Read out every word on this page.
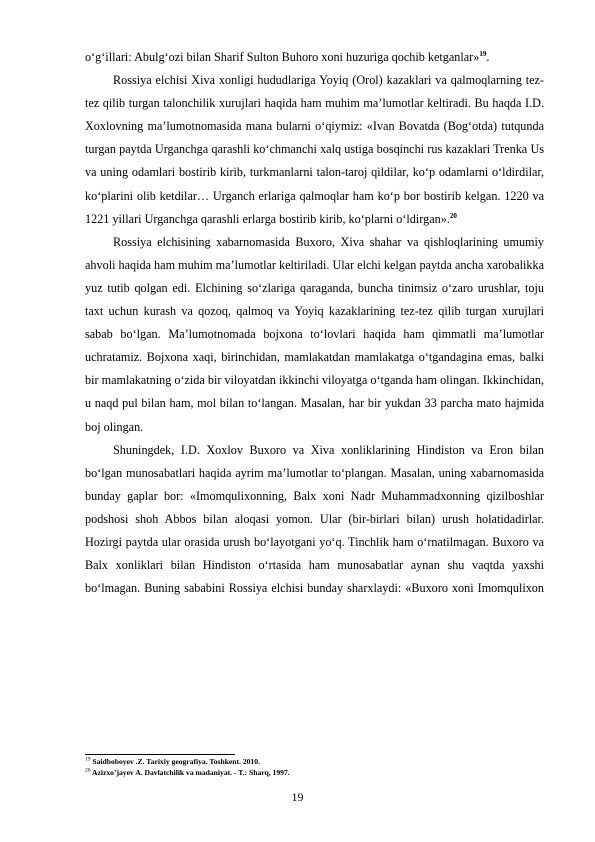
o‘g‘illari: Abulg‘ozi bilan Sharif Sulton Buhoro xoni huzuriga qochib ketganlar»$^{19}$.

Rossiya elchisi Xiva xonligi hududlariga Yoyiq (Orol) kazaklari va qalmoqlarning tez-tez qilib turgan talonchilik xurujlari haqida ham muhim ma’lumotlar keltiradi. Bu haqda I.D. Xoxlovning ma’lumotnomasida mana bularni o‘qiymiz: «Ivan Bovatda (Bog‘otda) tutqunda turgan paytda Urganchga qarashli ko‘chmanchi xalq ustiga bosqinchi rus kazaklari Trenka Us va uning odamlari bostirib kirib, turkmanlarni talon-taroj qildilar, ko‘p odamlarni o‘ldirdilar, ko‘plarini olib ketdilar… Urganch erlariga qalmoqlar ham ko‘p bor bostirib kelgan. 1220 va 1221 yillari Urganchga qarashli erlarga bostirib kirib, ko‘plarni o‘ldirgan».$^{20}$

Rossiya elchisining xabarnomasida Buxoro, Xiva shahar va qishloqlarining umumiy ahvoli haqida ham muhim ma’lumotlar keltiriladi. Ular elchi kelgan paytda ancha xarobalikka yuz tutib qolgan edi. Elchining so‘zlariga qaraganda, buncha tinimsiz o‘zaro urushlar, toju taxt uchun kurash va qozoq, qalmoq va Yoyiq kazaklarining tez-tez qilib turgan xurujlari sabab bo‘lgan. Ma’lumotnomada bojxona to‘lovlari haqida ham qimmatli ma’lumotlar uchratamiz. Bojxona xaqi, birinchidan, mamlakatdan mamlakatga o‘tgandagina emas, balki bir mamlakatning o‘zida bir viloyatdan ikkinchi viloyatga o‘tganda ham olingan. Ikkinchidan, u naqd pul bilan ham, mol bilan to‘langan. Masalan, har bir yukdan 33 parcha mato hajmida boj olingan.

Shuningdek, I.D. Xoxlov Buxoro va Xiva xonliklarining Hindiston va Eron bilan bo‘lgan munosabatlari haqida ayrim ma’lumotlar to‘plangan. Masalan, uning xabarnomasida bunday gaplar bor: «Imomqulixonning, Balx xoni Nadr Muhammadxonning qizilboshlar podshosi shoh Abbos bilan aloqasi yomon. Ular (bir-birlari bilan) urush holatidadirlar. Hozirgi paytda ular orasida urush bo‘layotgani yo‘q. Tinchlik ham o‘rnatilmagan. Buxoro va Balx xonliklari bilan Hindiston o‘rtasida ham munosabatlar aynan shu vaqtda yaxshi bo‘lmagan. Buning sababini Rossiya elchisi bunday sharxlaydi: «Buxoro xoni Imomqulixon

$^{19}$ Saidboboyev .Z. Tarixiy geografiya. Toshkent. 2010.

$^{20}$ Azizxo’jayev A. Davlatchilik va madaniyat. - T.: Sharq, 1997.

19
